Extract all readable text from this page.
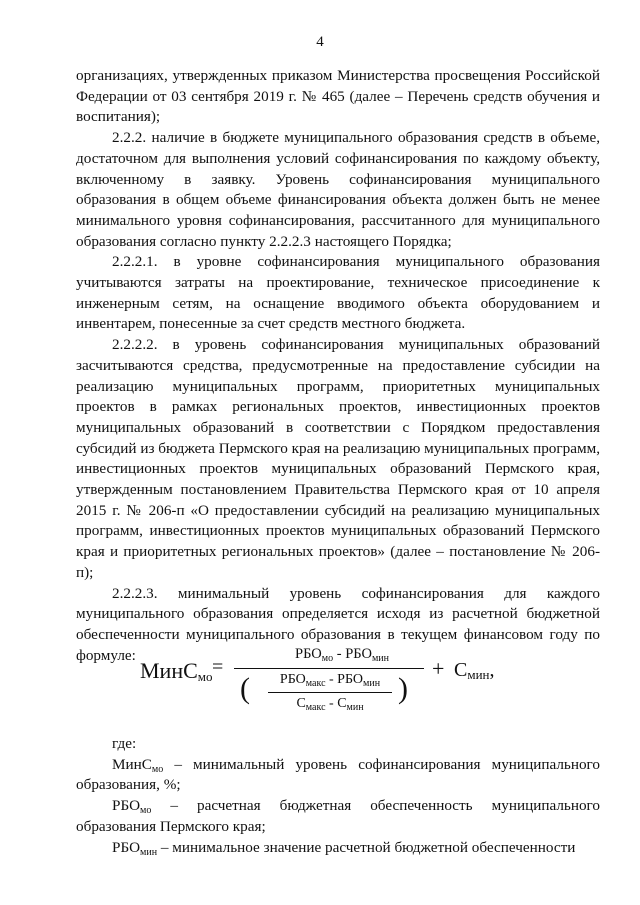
4

организациях, утвержденных приказом Министерства просвещения Российской Федерации от 03 сентября 2019 г. № 465 (далее – Перечень средств обучения и воспитания);

2.2.2. наличие в бюджете муниципального образования средств в объеме, достаточном для выполнения условий софинансирования по каждому объекту, включенному в заявку. Уровень софинансирования муниципального образования в общем объеме финансирования объекта должен быть не менее минимального уровня софинансирования, рассчитанного для муниципального образования согласно пункту 2.2.2.3 настоящего Порядка;

2.2.2.1. в уровне софинансирования муниципального образования учитываются затраты на проектирование, техническое присоединение к инженерным сетям, на оснащение вводимого объекта оборудованием и инвентарем, понесенные за счет средств местного бюджета.

2.2.2.2. в уровень софинансирования муниципальных образований засчитываются средства, предусмотренные на предоставление субсидии на реализацию муниципальных программ, приоритетных муниципальных проектов в рамках региональных проектов, инвестиционных проектов муниципальных образований в соответствии с Порядком предоставления субсидий из бюджета Пермского края на реализацию муниципальных программ, инвестиционных проектов муниципальных образований Пермского края, утвержденным постановлением Правительства Пермского края от 10 апреля 2015 г. № 206-п «О предоставлении субсидий на реализацию муниципальных программ, инвестиционных проектов муниципальных образований Пермского края и приоритетных региональных проектов» (далее – постановление № 206-п);

2.2.2.3. минимальный уровень софинансирования для каждого муниципального образования определяется исходя из расчетной бюджетной обеспеченности муниципального образования в текущем финансовом году по формуле:

МинС$_{мо}$ =
$РБО_{мо} - РБО_{мин}$
(	$РБО_{макс} - РБО_{мин}$
$С_{макс} - С_{мин}$
)
+ $С_{мин}$,

где:

МинС$_{мо}$ – минимальный уровень софинансирования муниципального образования, %;

$РБО_{мо}$ – расчетная бюджетная обеспеченность муниципального образования Пермского края;

$РБО_{мин}$ – минимальное значение расчетной бюджетной обеспеченности
